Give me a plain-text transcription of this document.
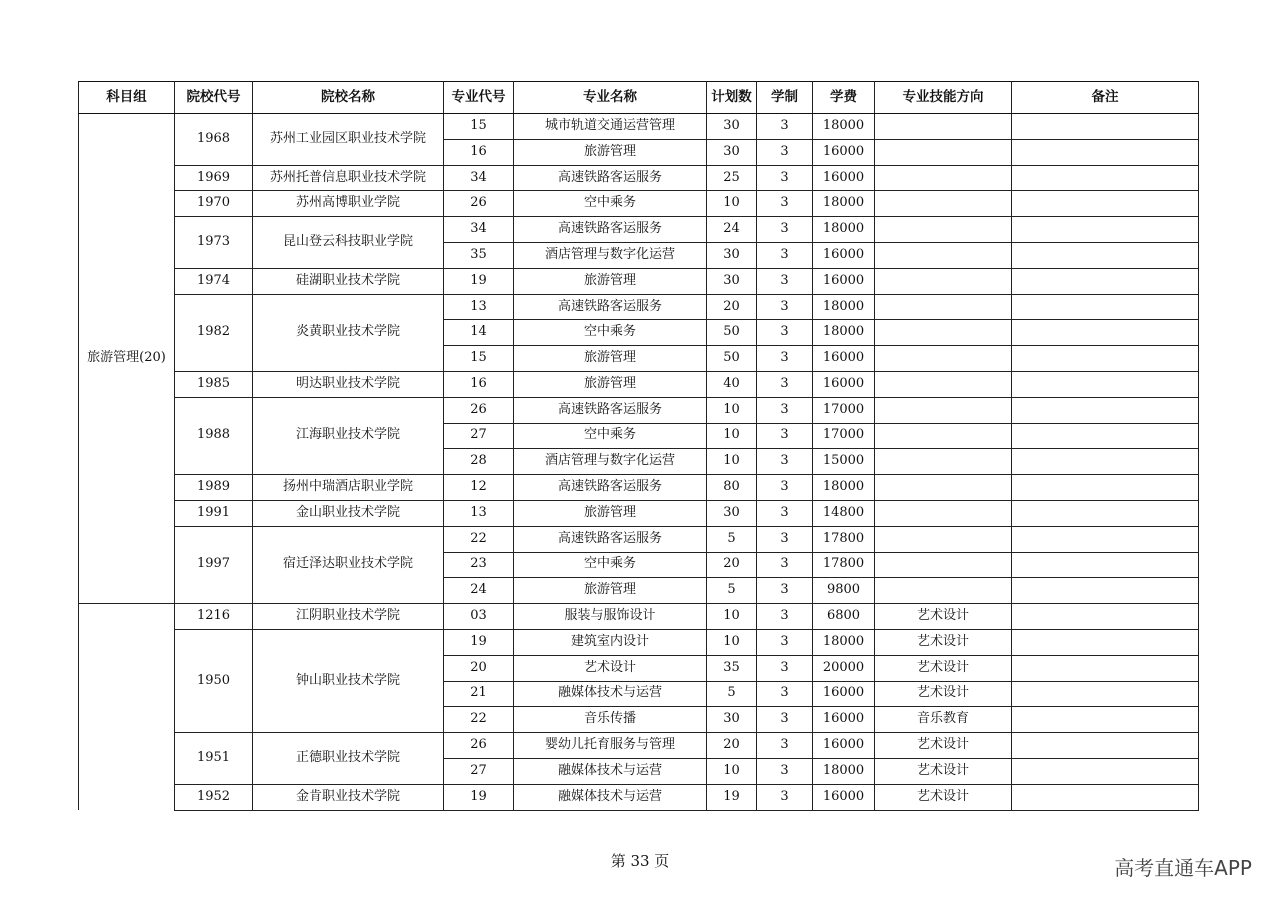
科目组	院校代号	院校名称	专业代号	专业名称	计划数	学制	学费	专业技能方向	备注
旅游管理(20)	1968	苏州工业园区职业技术学院	15	城市轨道交通运营管理	30	3	18000		
			16	旅游管理	30	3	16000		
	1969	苏州托普信息职业技术学院	34	高速铁路客运服务	25	3	16000		
	1970	苏州高博职业学院	26	空中乘务	10	3	18000		
	1973	昆山登云科技职业学院	34	高速铁路客运服务	24	3	18000		
			35	酒店管理与数字化运营	30	3	16000		
	1974	硅湖职业技术学院	19	旅游管理	30	3	16000		
	1982	炎黄职业技术学院	13	高速铁路客运服务	20	3	18000		
			14	空中乘务	50	3	18000		
			15	旅游管理	50	3	16000		
	1985	明达职业技术学院	16	旅游管理	40	3	16000		
	1988	江海职业技术学院	26	高速铁路客运服务	10	3	17000		
			27	空中乘务	10	3	17000		
			28	酒店管理与数字化运营	10	3	15000		
	1989	扬州中瑞酒店职业学院	12	高速铁路客运服务	80	3	18000		
	1991	金山职业技术学院	13	旅游管理	30	3	14800		
	1997	宿迁泽达职业技术学院	22	高速铁路客运服务	5	3	17800		
			23	空中乘务	20	3	17800		
			24	旅游管理	5	3	9800		
	1216	江阴职业技术学院	03	服装与服饰设计	10	3	6800	艺术设计	
	1950	钟山职业技术学院	19	建筑室内设计	10	3	18000	艺术设计	
			20	艺术设计	35	3	20000	艺术设计	
			21	融媒体技术与运营	5	3	16000	艺术设计	
			22	音乐传播	30	3	16000	音乐教育	
	1951	正德职业技术学院	26	婴幼儿托育服务与管理	20	3	16000	艺术设计	
			27	融媒体技术与运营	10	3	18000	艺术设计	
	1952	金肯职业技术学院	19	融媒体技术与运营	19	3	16000	艺术设计	
第 33 页	高考直通车APP
